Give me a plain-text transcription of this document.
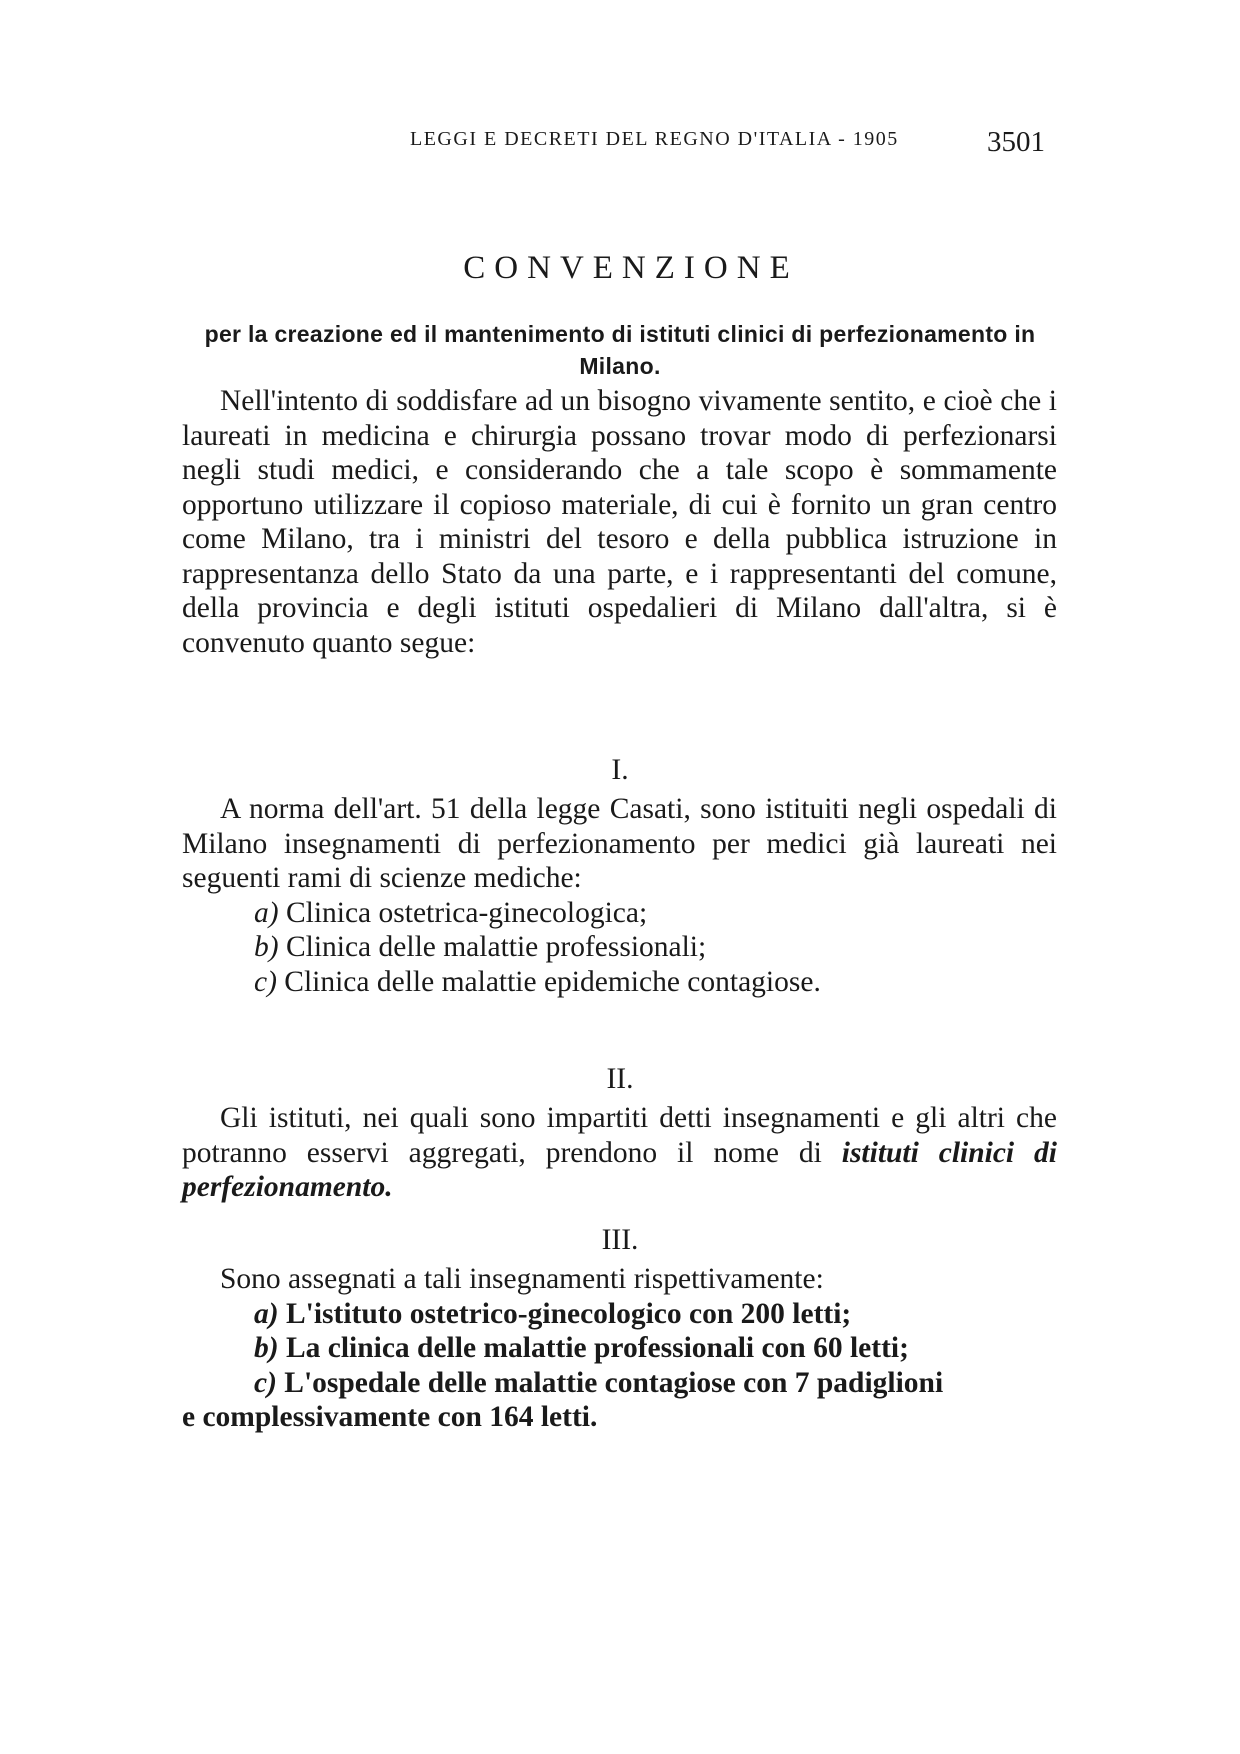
LEGGI E DECRETI DEL REGNO D'ITALIA - 1905	3501
CONVENZIONE
per la creazione ed il mantenimento di istituti clinici di perfezionamento in Milano.

Nell'intento di soddisfare ad un bisogno vivamente sentito, e cioè che i laureati in medicina e chirurgia possano trovar modo di perfezionarsi negli studi medici, e considerando che a tale scopo è sommamente opportuno utilizzare il copioso materiale, di cui è fornito un gran centro come Milano, tra i ministri del tesoro e della pubblica istruzione in rappresentanza dello Stato da una parte, e i rappresentanti del comune, della provincia e degli istituti ospedalieri di Milano dall'altra, si è convenuto quanto segue:

I.

A norma dell'art. 51 della legge Casati, sono istituiti negli ospedali di Milano insegnamenti di perfezionamento per medici già laureati nei seguenti rami di scienze mediche:

a) Clinica ostetrica-ginecologica;

b) Clinica delle malattie professionali;

c) Clinica delle malattie epidemiche contagiose.

II.

Gli istituti, nei quali sono impartiti detti insegnamenti e gli altri che potranno esservi aggregati, prendono il nome di istituti clinici di perfezionamento.

III.

Sono assegnati a tali insegnamenti rispettivamente:

a) L'istituto ostetrico-ginecologico con 200 letti;

b) La clinica delle malattie professionali con 60 letti;

c) L'ospedale delle malattie contagiose con 7 padiglioni

e complessivamente con 164 letti.
